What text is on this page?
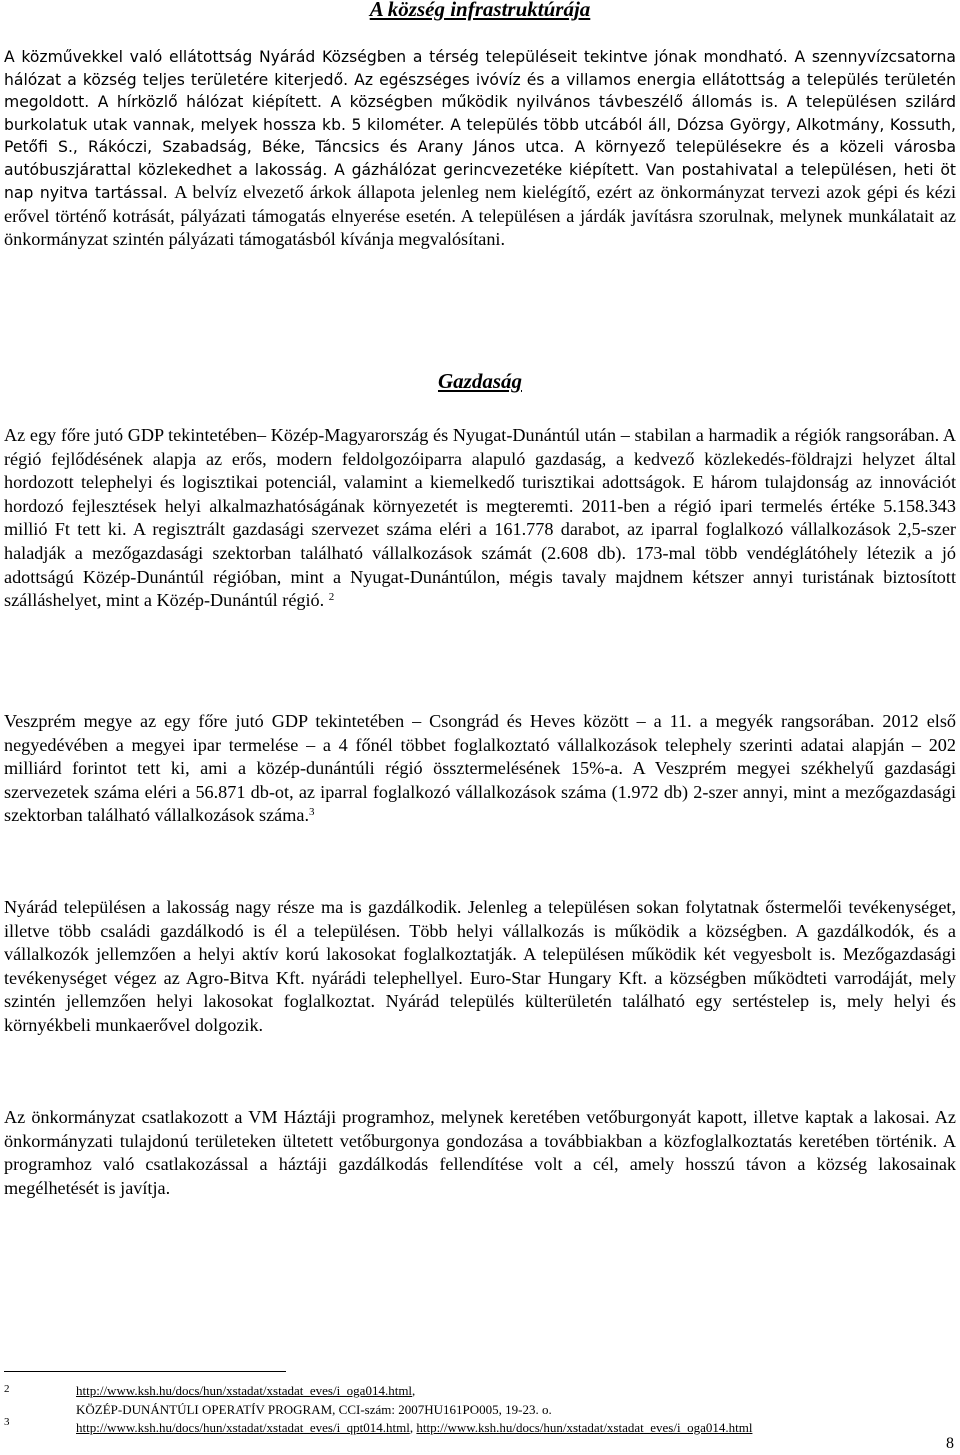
A község infrastruktúrája

A közművekkel való ellátottság Nyárád Községben a térség településeit tekintve jónak mondható. A szennyvízcsatorna hálózat a község teljes területére kiterjedő. Az egészséges ivóvíz és a villamos energia ellátottság a település területén megoldott. A hírközlő hálózat kiépített. A községben működik nyilvános távbeszélő állomás is. A településen szilárd burkolatuk utak vannak, melyek hossza kb. 5 kilométer. A település több utcából áll, Dózsa György, Alkotmány, Kossuth, Petőfi S., Rákóczi, Szabadság, Béke, Táncsics és Arany János utca. A környező településekre és a közeli városba autóbuszjárattal közlekedhet a lakosság. A gázhálózat gerincvezetéke kiépített. Van postahivatal a településen, heti öt nap nyitva tartással. A belvíz elvezető árkok állapota jelenleg nem kielégítő, ezért az önkormányzat tervezi azok gépi és kézi erővel történő kotrását, pályázati támogatás elnyerése esetén. A településen a járdák javításra szorulnak, melynek munkálatait az önkormányzat szintén pályázati támogatásból kívánja megvalósítani.

Gazdaság

Az egy főre jutó GDP tekintetében– Közép-Magyarország és Nyugat-Dunántúl után – stabilan a harmadik a régiók rangsorában. A régió fejlődésének alapja az erős, modern feldolgozóiparra alapuló gazdaság, a kedvező közlekedés-földrajzi helyzet által hordozott telephelyi és logisztikai potenciál, valamint a kiemelkedő turisztikai adottságok. E három tulajdonság az innovációt hordozó fejlesztések helyi alkalmazhatóságának környezetét is megteremti. 2011-ben a régió ipari termelés értéke 5.158.343 millió Ft tett ki. A regisztrált gazdasági szervezet száma eléri a 161.778 darabot, az iparral foglalkozó vállalkozások 2,5-szer haladják a mezőgazdasági szektorban található vállalkozások számát (2.608 db). 173-mal több vendéglátóhely létezik a jó adottságú Közép-Dunántúl régióban, mint a Nyugat-Dunántúlon, mégis tavaly majdnem kétszer annyi turistának biztosított szálláshelyet, mint a Közép-Dunántúl régió. $^2$

Veszprém megye az egy főre jutó GDP tekintetében – Csongrád és Heves között – a 11. a megyék rangsorában. 2012 első negyedévében a megyei ipar termelése – a 4 főnél többet foglalkoztató vállalkozások telephely szerinti adatai alapján – 202 milliárd forintot tett ki, ami a közép-dunántúli régió össztermelésének 15%-a. A Veszprém megyei székhelyű gazdasági szervezetek száma eléri a 56.871 db-ot, az iparral foglalkozó vállalkozások száma (1.972 db) 2-szer annyi, mint a mezőgazdasági szektorban található vállalkozások száma.$^3$

Nyárád településen a lakosság nagy része ma is gazdálkodik. Jelenleg a településen sokan folytatnak őstermelői tevékenységet, illetve több családi gazdálkodó is él a településen. Több helyi vállalkozás is működik a községben. A gazdálkodók, és a vállalkozók jellemzően a helyi aktív korú lakosokat foglalkoztatják. A településen működik két vegyesbolt is. Mezőgazdasági tevékenységet végez az Agro-Bitva Kft. nyárádi telephellyel. Euro-Star Hungary Kft. a községben működteti varrodáját, mely szintén jellemzően helyi lakosokat foglalkoztat. Nyárád település külterületén található egy sertéstelep is, mely helyi és környékbeli munkaerővel dolgozik.

Az önkormányzat csatlakozott a VM Háztáji programhoz, melynek keretében vetőburgonyát kapott, illetve kaptak a lakosai. Az önkormányzati tulajdonú területeken ültetett vetőburgonya gondozása a továbbiakban a közfoglalkoztatás keretében történik. A programhoz való csatlakozással a háztáji gazdálkodás fellendítése volt a cél, amely hosszú távon a község lakosainak megélhetését is javítja.

2	http://www.ksh.hu/docs/hun/xstadat/xstadat_eves/i_oga014.html,
KÖZÉP-DUNÁNTÚLI OPERATÍV PROGRAM, CCI-szám: 2007HU161PO005, 19-23. o.
3	http://www.ksh.hu/docs/hun/xstadat/xstadat_eves/i_qpt014.html, http://www.ksh.hu/docs/hun/xstadat/xstadat_eves/i_oga014.html
8
